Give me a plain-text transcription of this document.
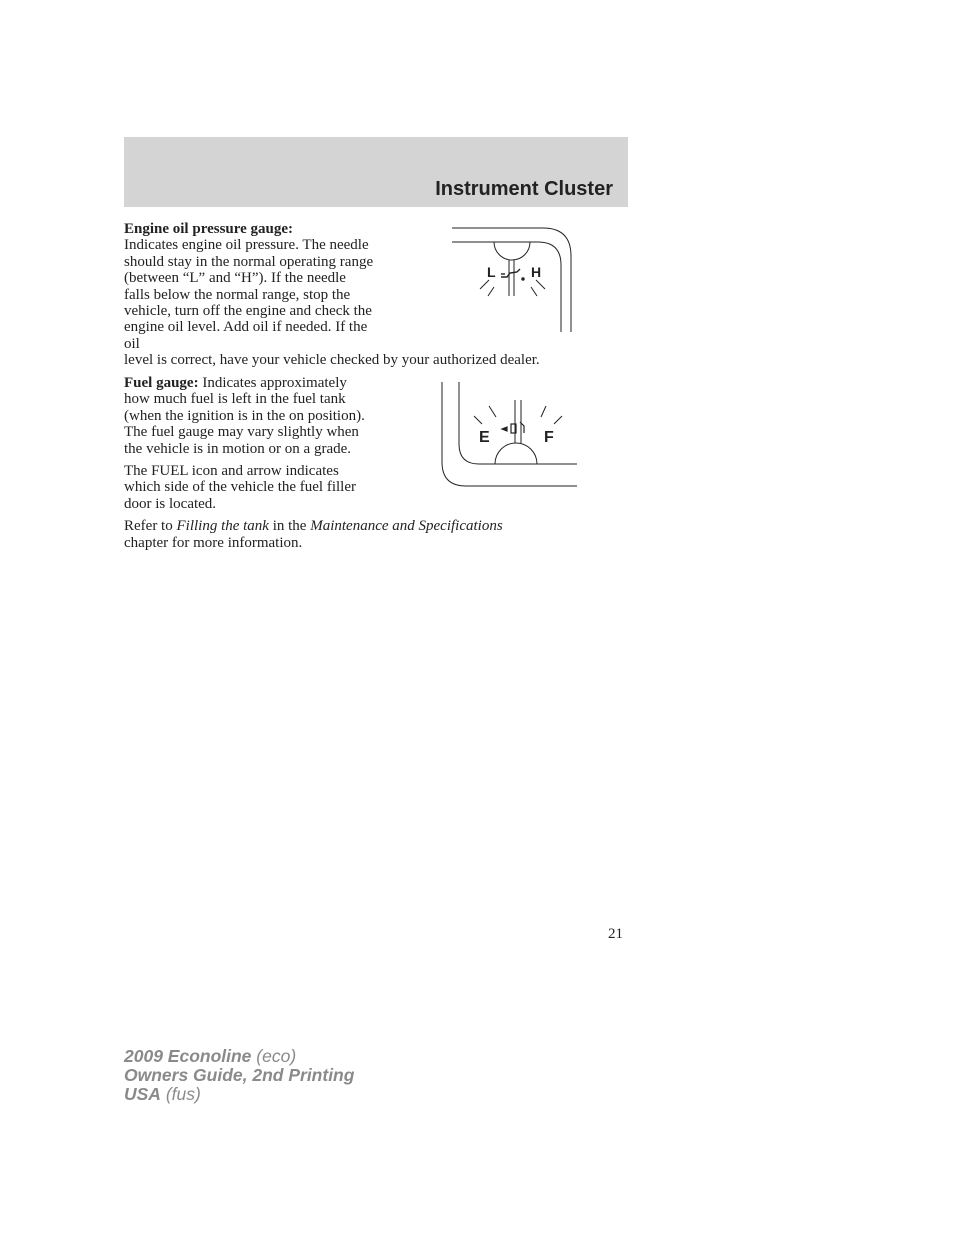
Instrument Cluster

Engine oil pressure gauge:
Indicates engine oil pressure. The needle should stay in the normal operating range (between “L” and “H”). If the needle falls below the normal range, stop the vehicle, turn off the engine and check the engine oil level. Add oil if needed. If the oil

level is correct, have your vehicle checked by your authorized dealer.

L	H

Fuel gauge: Indicates approximately how much fuel is left in the fuel tank (when the ignition is in the on position). The fuel gauge may vary slightly when the vehicle is in motion or on a grade.

The FUEL icon and arrow indicates which side of the vehicle the fuel filler door is located.

Refer to Filling the tank in the Maintenance and Specifications
chapter for more information.

E	F
21
2009 Econoline (eco)
Owners Guide, 2nd Printing
USA (fus)
